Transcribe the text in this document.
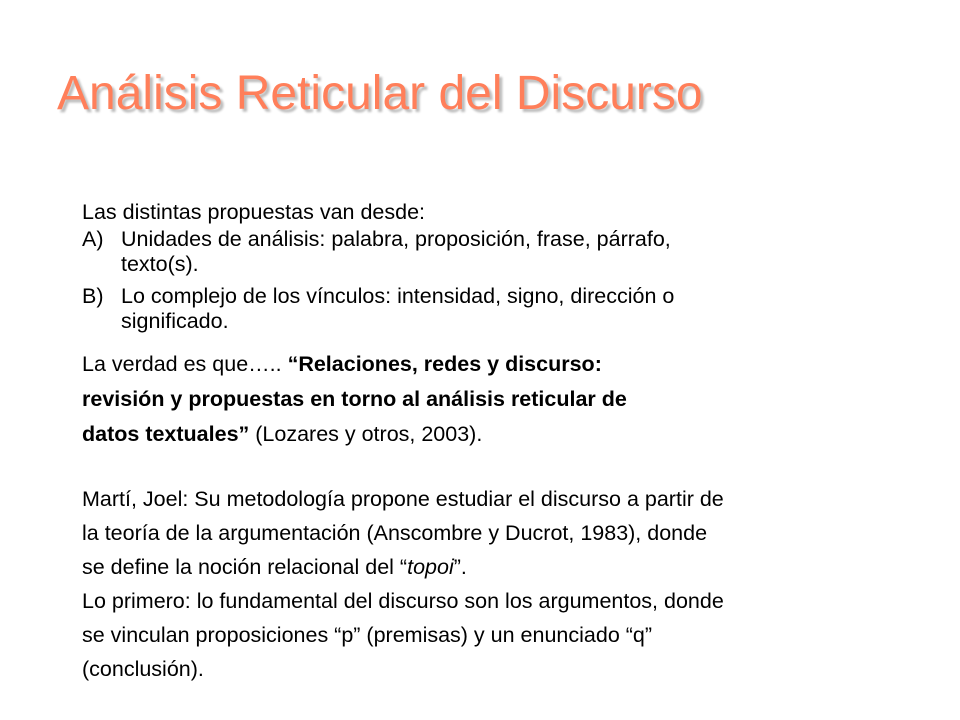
Análisis Reticular del Discurso
Las distintas propuestas van desde:
A) Unidades de análisis: palabra, proposición, frase, párrafo,
texto(s).
B) Lo complejo de los vínculos: intensidad, signo, dirección o
significado.
La verdad es que….. “Relaciones, redes y discurso:
revisión y propuestas en torno al análisis reticular de
datos textuales” (Lozares y otros, 2003).
Martí, Joel: Su metodología propone estudiar el discurso a partir de
la teoría de la argumentación (Anscombre y Ducrot, 1983), donde
se define la noción relacional del “topoi”.
Lo primero: lo fundamental del discurso son los argumentos, donde
se vinculan proposiciones “p” (premisas) y un enunciado “q”
(conclusión).
